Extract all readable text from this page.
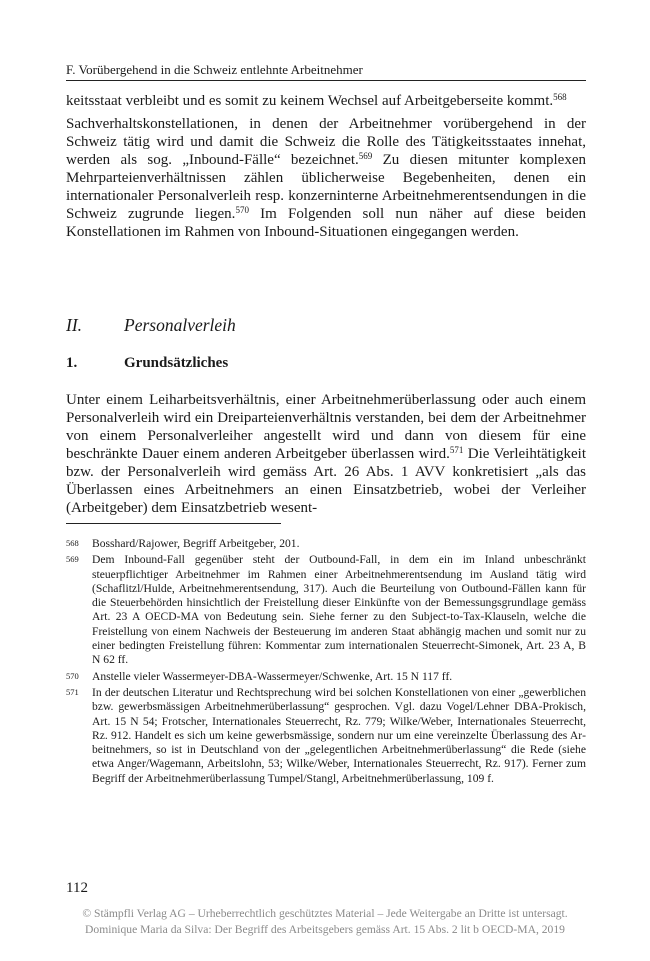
F. Vorübergehend in die Schweiz entlehnte Arbeitnehmer

keitsstaat verbleibt und es somit zu keinem Wechsel auf Arbeitgeberseite kommt.$^{568}$

Sachverhaltskonstellationen, in denen der Arbeitnehmer vorübergehend in der Schweiz tätig wird und damit die Schweiz die Rolle des Tätigkeitsstaates innehat, werden als sog. „Inbound-Fälle“ bezeichnet.$^{569}$ Zu diesen mitunter komplexen Mehrparteienverhältnissen zählen üblicherweise Begebenheiten, denen ein internationaler Personalverleih resp. konzerninterne Arbeitnehmerentsendungen in die Schweiz zugrunde liegen.$^{570}$ Im Folgenden soll nun näher auf diese beiden Konstellationen im Rahmen von Inbound-Situationen eingegangen werden.

II. Personalverleih
1.	Grundsätzliches

Unter einem Leiharbeitsverhältnis, einer Arbeitnehmerüberlassung oder auch einem Personalverleih wird ein Dreiparteienverhältnis verstanden, bei dem der Arbeitnehmer von einem Personalverleiher angestellt wird und dann von diesem für eine beschränkte Dauer einem anderen Arbeitgeber überlassen wird.$^{571}$ Die Verleihtätigkeit bzw. der Personalverleih wird gemäss Art. 26 Abs. 1 AVV konkretisiert „als das Überlassen eines Arbeitnehmers an einen Einsatzbetrieb, wobei der Verleiher (Arbeitgeber) dem Einsatzbetrieb wesent-

568	Bosshard/Rajower, Begriff Arbeitgeber, 201.
569	Dem Inbound-Fall gegenüber steht der Outbound-Fall, in dem ein im Inland unbeschränkt steuerpflichtiger Arbeitnehmer im Rahmen einer Arbeitnehmerentsendung im Ausland tätig wird (Schaflitzl/Hulde, Arbeitnehmerentsendung, 317). Auch die Beurteilung von Outbound-Fällen kann für die Steuerbehörden hinsichtlich der Freistellung dieser Einkünfte von der Bemessungsgrundlage gemäss Art. 23 A OECD-MA von Bedeutung sein. Siehe ferner zu den Subject-to-Tax-Klauseln, welche die Freistellung von einem Nachweis der Besteuerung im anderen Staat abhängig machen und somit nur zu einer bedingten Freistellung führen: Kommentar zum internationalen Steuerrecht-Simonek, Art. 23 A, B N 62 ff.
570	Anstelle vieler Wassermeyer-DBA-Wassermeyer/Schwenke, Art. 15 N 117 ff.
571	In der deutschen Literatur und Rechtsprechung wird bei solchen Konstellationen von einer „gewerblichen bzw. gewerbsmässigen Arbeitnehmerüberlassung“ gesprochen. Vgl. dazu Vogel/Lehner DBA-Prokisch, Art. 15 N 54; Frotscher, Internationales Steuerrecht, Rz. 779; Wilke/Weber, Internationales Steuerrecht, Rz. 912. Handelt es sich um keine gewerbsmässige, sondern nur um eine vereinzelte Überlassung des Arbeitnehmers, so ist in Deutschland von der „gelegentlichen Arbeitnehmerüberlassung“ die Rede (siehe etwa Anger/Wagemann, Arbeitslohn, 53; Wilke/Weber, Internationales Steuerrecht, Rz. 917). Ferner zum Begriff der Arbeitnehmerüberlassung Tumpel/Stangl, Arbeitnehmerüberlassung, 109 f.
112
© Stämpfli Verlag AG – Urheberrechtlich geschütztes Material – Jede Weitergabe an Dritte ist untersagt.
Dominique Maria da Silva: Der Begriff des Arbeitsgebers gemäss Art. 15 Abs. 2 lit b OECD-MA, 2019
